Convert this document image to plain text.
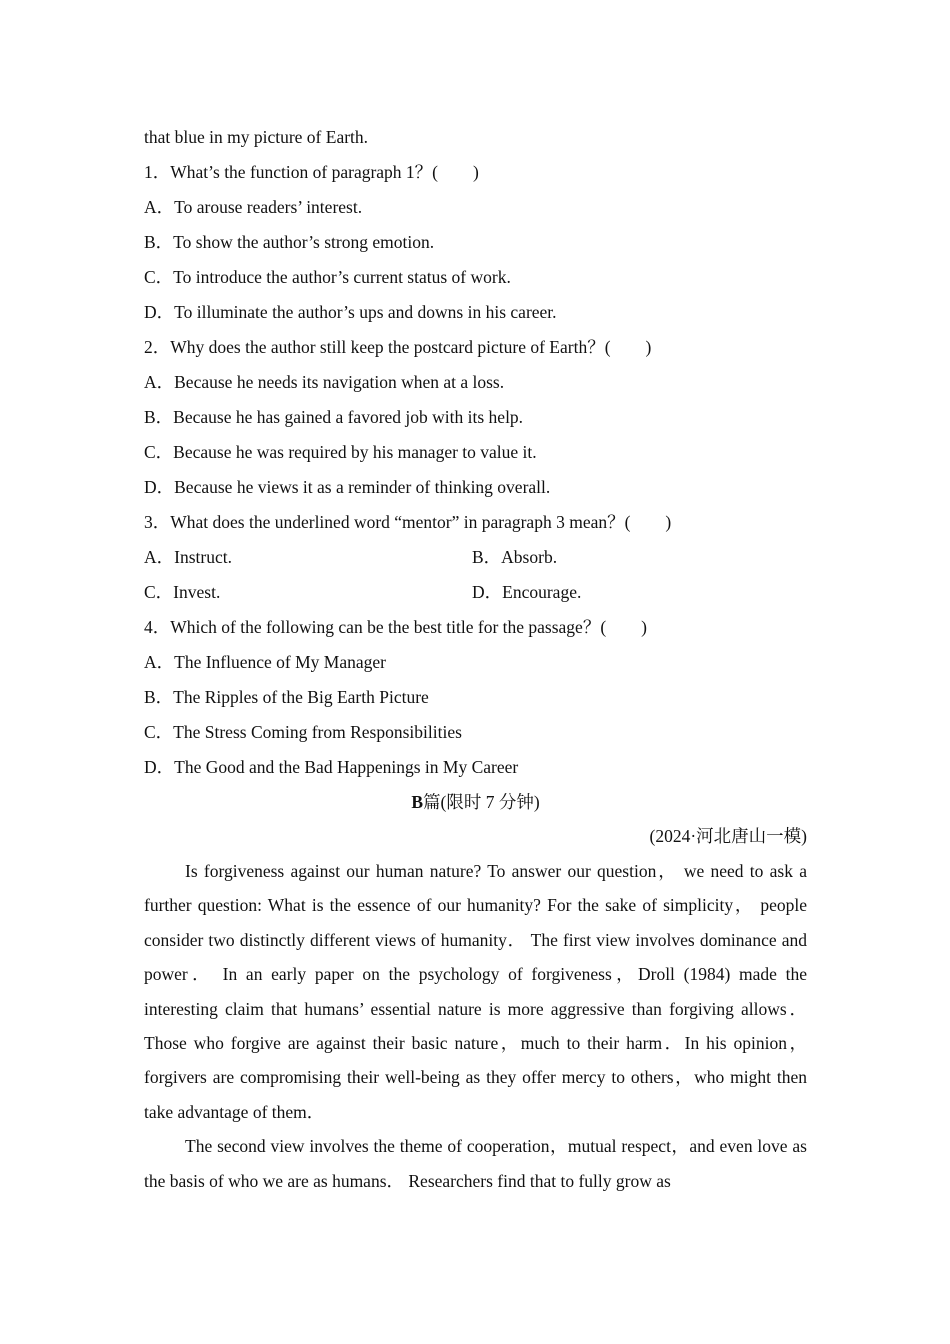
that blue in my picture of Earth.
1．What’s the function of paragraph 1？(　　)
A．To arouse readers’ interest.
B．To show the author’s strong emotion.
C．To introduce the author’s current status of work.
D．To illuminate the author’s ups and downs in his career.
2．Why does the author still keep the postcard picture of Earth？(　　)
A．Because he needs its navigation when at a loss.
B．Because he has gained a favored job with its help.
C．Because he was required by his manager to value it.
D．Because he views it as a reminder of thinking overall.
3．What does the underlined word “mentor” in paragraph 3 mean？(　　)
A．Instruct.	B．Absorb.
C．Invest.	D．Encourage.
4．Which of the following can be the best title for the passage？(　　)
A．The Influence of My Manager
B．The Ripples of the Big Earth Picture
C．The Stress Coming from Responsibilities
D．The Good and the Bad Happenings in My Career
B篇(限时 7 分钟)
(2024·河北唐山一模)

Is forgiveness against our human nature? To answer our question， we need to ask a further question: What is the essence of our humanity? For the sake of simplicity， people consider two distinctly different views of humanity． The first view involves dominance and power． In an early paper on the psychology of forgiveness，Droll (1984) made the interesting claim that humans’ essential nature is more aggressive than forgiving allows． Those who forgive are against their basic nature，much to their harm．In his opinion，forgivers are compromising their well-being as they offer mercy to others，who might then take advantage of them．

The second view involves the theme of cooperation，mutual respect，and even love as the basis of who we are as humans． Researchers find that to fully grow as
